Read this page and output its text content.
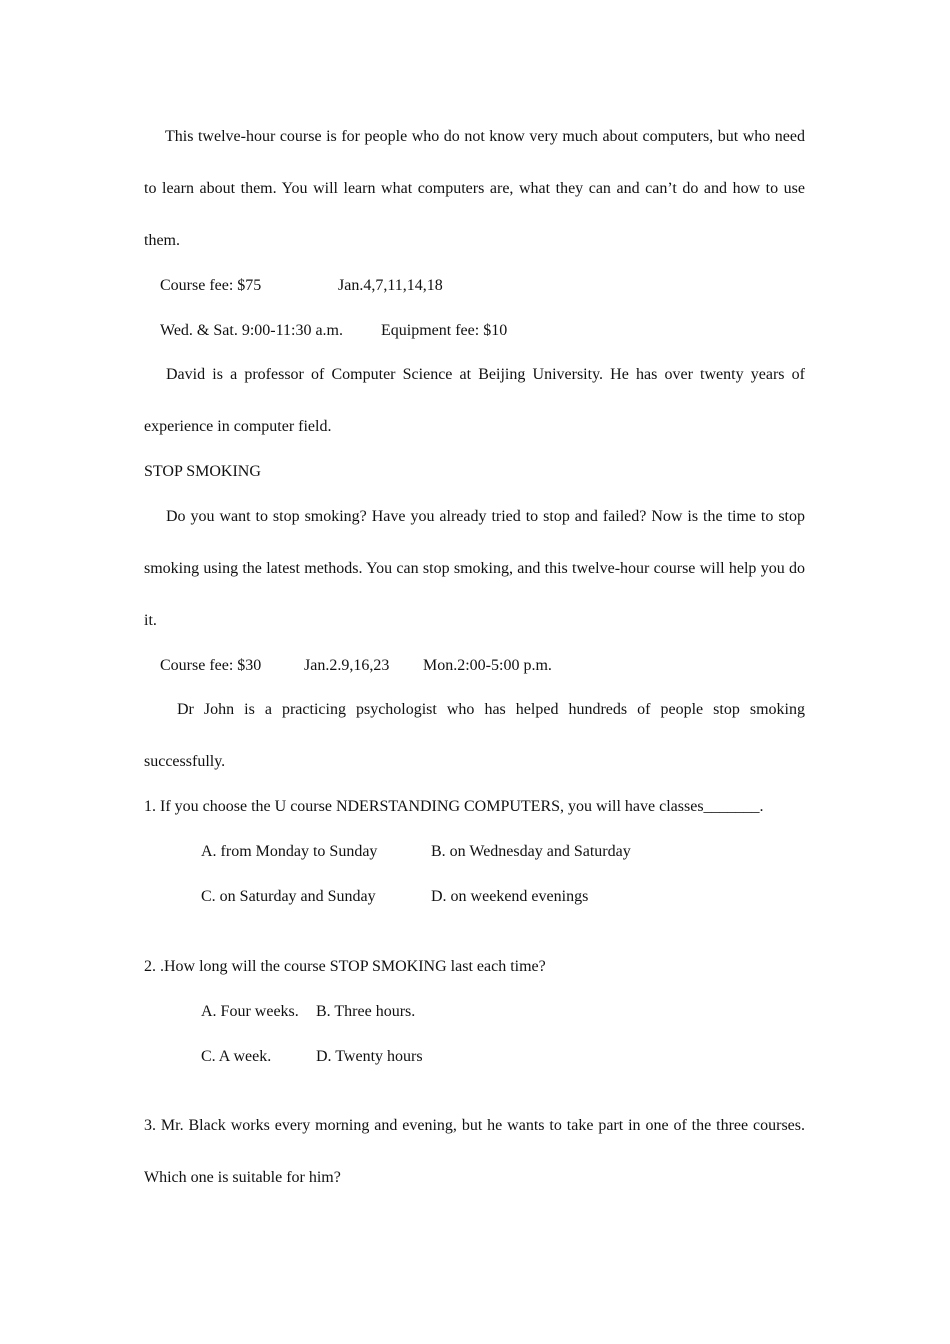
This twelve-hour course is for people who do not know very much about computers, but who need to learn about them. You will learn what computers are, what they can and can’t do and how to use them.

Course fee: $75	Jan.4,7,11,14,18
Wed. & Sat. 9:00-11:30 a.m. Equipment fee: $10

David is a professor of Computer Science at Beijing University. He has over twenty years of experience in computer field.

STOP SMOKING

Do you want to stop smoking? Have you already tried to stop and failed? Now is the time to stop smoking using the latest methods. You can stop smoking, and this twelve-hour course will help you do it.

Course fee: $30	Jan.2.9,16,23 Mon.2:00-5:00 p.m.

Dr John is a practicing psychologist who has helped hundreds of people stop smoking successfully.

1. If you choose the U course NDERSTANDING COMPUTERS, you will have classes_______.
A. from Monday to Sunday	B. on Wednesday and Saturday
C. on Saturday and Sunday	D. on weekend evenings
2. .How long will the course STOP SMOKING last each time?
A. Four weeks. B. Three hours.
C. A week.	D. Twenty hours

3. Mr. Black works every morning and evening, but he wants to take part in one of the three courses. Which one is suitable for him?
